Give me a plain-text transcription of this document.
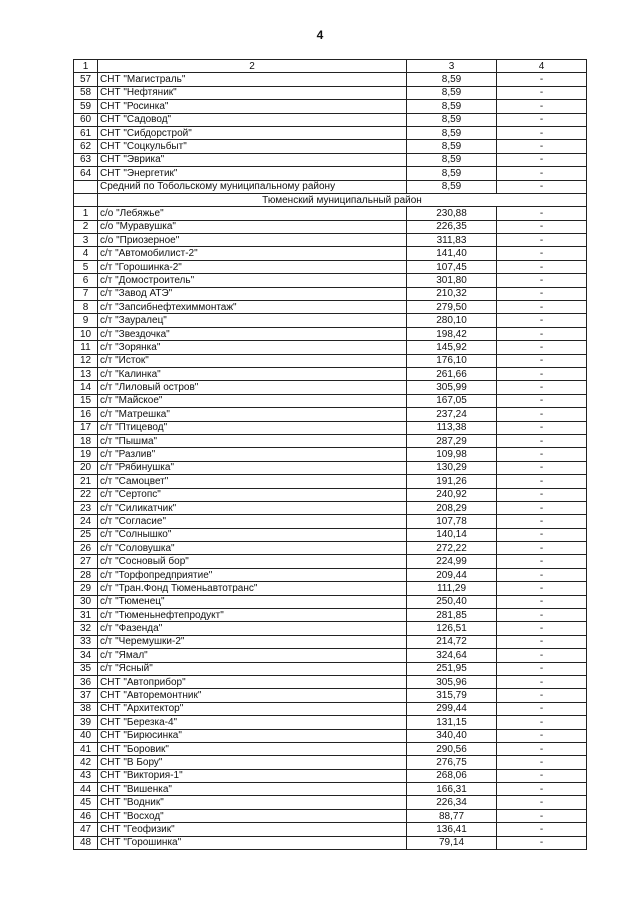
4
1	2	3	4
57	СНТ "Магистраль"	8,59	-
58	СНТ "Нефтяник"	8,59	-
59	СНТ "Росинка"	8,59	-
60	СНТ "Садовод"	8,59	-
61	СНТ "Сибдорстрой"	8,59	-
62	СНТ "Соцкульбыт"	8,59	-
63	СНТ "Эврика"	8,59	-
64	СНТ "Энергетик"	8,59	-
	Средний по Тобольскому муниципальному району	8,59	-
	Тюменский муниципальный район		
1	с/о "Лебяжье"	230,88	-
2	с/о "Муравушка"	226,35	-
3	с/о "Приозерное"	311,83	-
4	с/т "Автомобилист-2"	141,40	-
5	с/т "Горошинка-2"	107,45	-
6	с/т "Домостроитель"	301,80	-
7	с/т "Завод АТЭ"	210,32	-
8	с/т "Запсибнефтехиммонтаж"	279,50	-
9	с/т "Зауралец"	280,10	-
10	с/т "Звездочка"	198,42	-
11	с/т "Зорянка"	145,92	-
12	с/т "Исток"	176,10	-
13	с/т "Калинка"	261,66	-
14	с/т "Лиловый остров"	305,99	-
15	с/т "Майское"	167,05	-
16	с/т "Матрешка"	237,24	-
17	с/т "Птицевод"	113,38	-
18	с/т "Пышма"	287,29	-
19	с/т "Разлив"	109,98	-
20	с/т "Рябинушка"	130,29	-
21	с/т "Самоцвет"	191,26	-
22	с/т "Сертопс"	240,92	-
23	с/т "Силикатчик"	208,29	-
24	с/т "Согласие"	107,78	-
25	с/т "Солнышко"	140,14	-
26	с/т "Соловушка"	272,22	-
27	с/т "Сосновый бор"	224,99	-
28	с/т "Торфопредприятие"	209,44	-
29	с/т "Тран.Фонд Тюменьавтотранс"	111,29	-
30	с/т "Тюменец"	250,40	-
31	с/т "Тюменьнефтепродукт"	281,85	-
32	с/т "Фазенда"	126,51	-
33	с/т "Черемушки-2"	214,72	-
34	с/т "Ямал"	324,64	-
35	с/т "Ясный"	251,95	-
36	СНТ "Автоприбор"	305,96	-
37	СНТ "Авторемонтник"	315,79	-
38	СНТ "Архитектор"	299,44	-
39	СНТ "Березка-4"	131,15	-
40	СНТ "Бирюсинка"	340,40	-
41	СНТ "Боровик"	290,56	-
42	СНТ "В Бору"	276,75	-
43	СНТ "Виктория-1"	268,06	-
44	СНТ "Вишенка"	166,31	-
45	СНТ "Водник"	226,34	-
46	СНТ "Восход"	88,77	-
47	СНТ "Геофизик"	136,41	-
48	СНТ "Горошинка"	79,14	-
